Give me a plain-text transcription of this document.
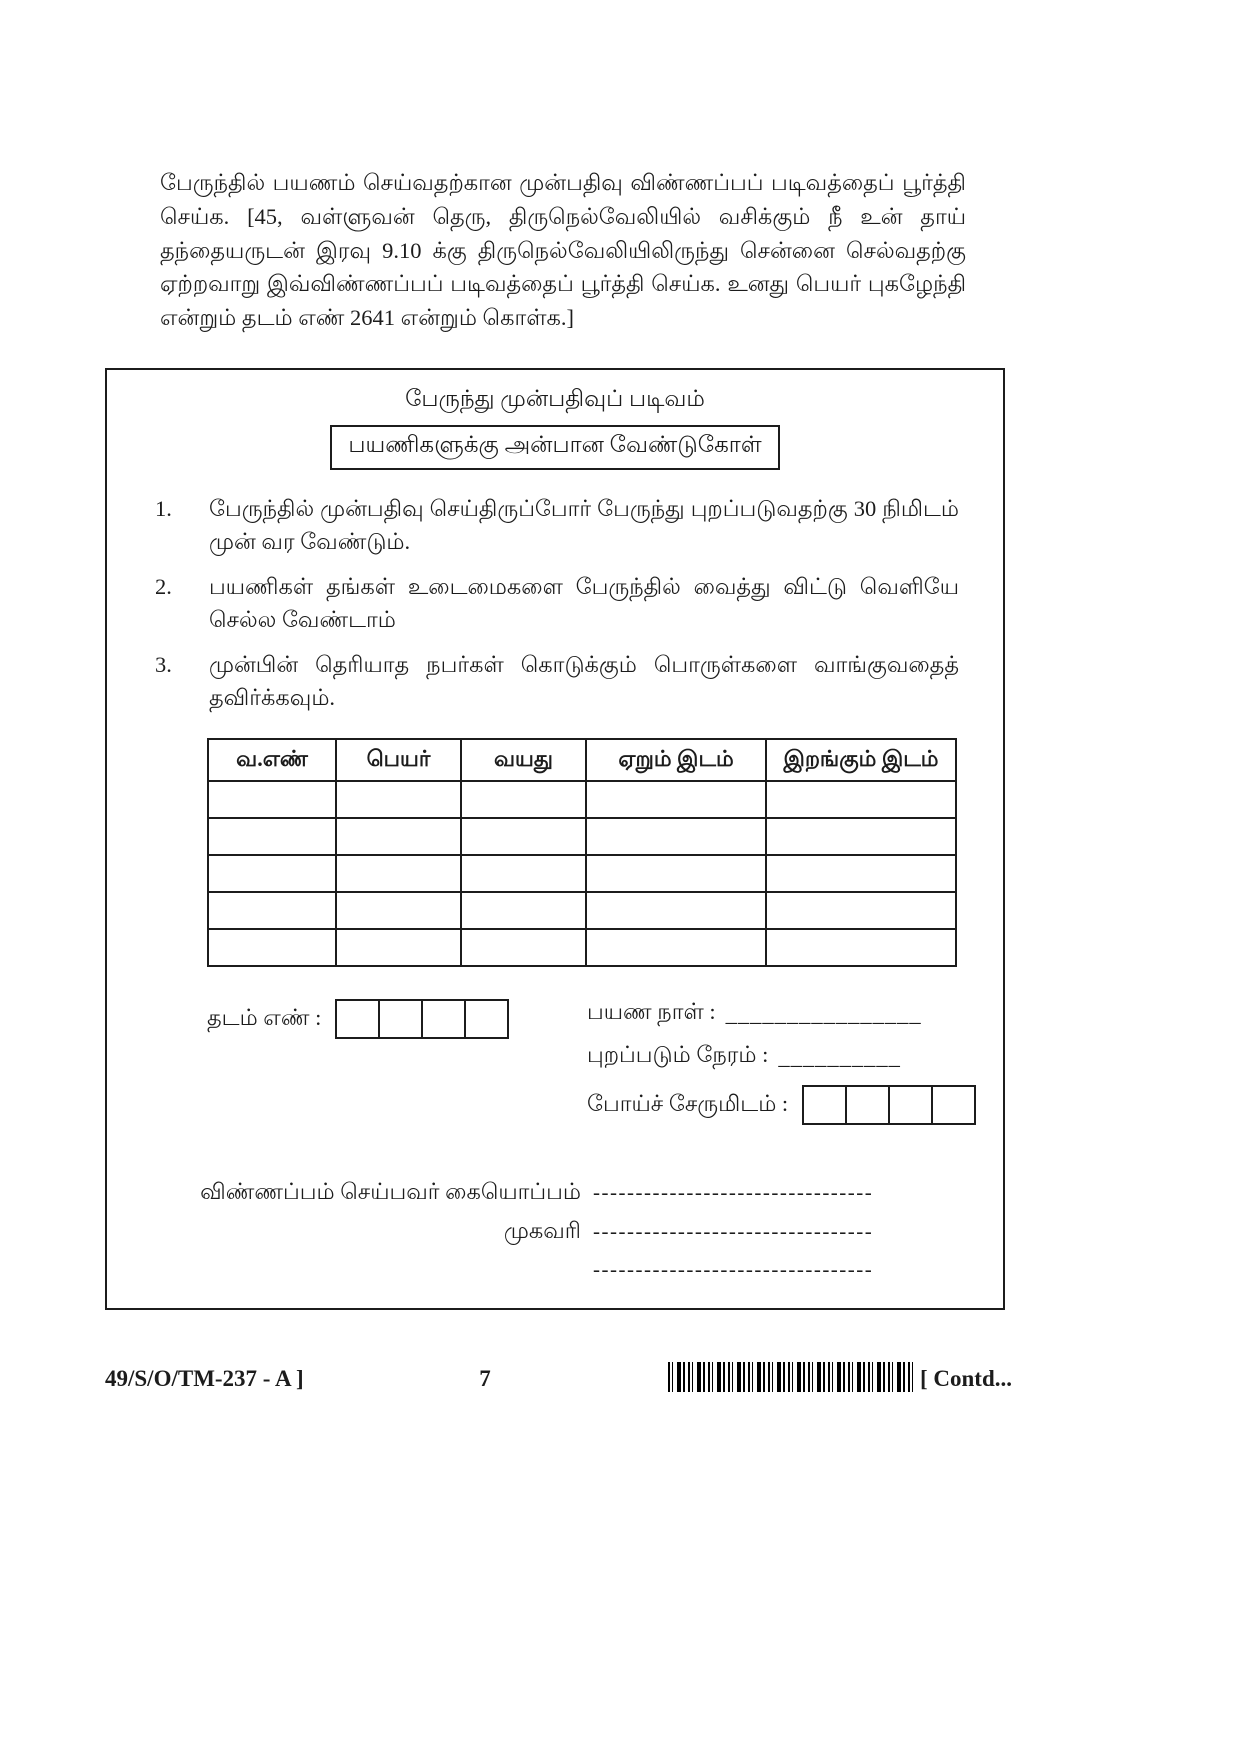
பேருந்தில் பயணம் செய்வதற்கான முன்பதிவு விண்ணப்பப் படிவத்தைப் பூர்த்தி செய்க. [45, வள்ளுவன் தெரு, திருநெல்வேலியில் வசிக்கும் நீ உன் தாய் தந்தையருடன் இரவு 9.10 க்கு திருநெல்வேலியிலிருந்து சென்னை செல்வதற்கு ஏற்றவாறு இவ்விண்ணப்பப் படிவத்தைப் பூர்த்தி செய்க. உனது பெயர் புகழேந்தி என்றும் தடம் எண் 2641 என்றும் கொள்க.]
பேருந்து முன்பதிவுப் படிவம்
பயணிகளுக்கு அன்பான வேண்டுகோள்
1.	பேருந்தில் முன்பதிவு செய்திருப்போர் பேருந்து புறப்படுவதற்கு 30 நிமிடம் முன் வர வேண்டும்.
2.	பயணிகள் தங்கள் உடைமைகளை பேருந்தில் வைத்து விட்டு வெளியே செல்ல வேண்டாம்
3.	முன்பின் தெரியாத நபர்கள் கொடுக்கும் பொருள்களை வாங்குவதைத் தவிர்க்கவும்.
வ.எண்	பெயர்	வயது	ஏறும் இடம்	இறங்கும் இடம்

தடம் எண் :	பயண நாள் : ________________
புறப்படும் நேரம் : __________
போய்ச் சேருமிடம் :
விண்ணப்பம் செய்பவர் கையொப்பம் ---------------------------------
முகவரி ---------------------------------
---------------------------------
49/S/O/TM-237 - A ]	7	[ Contd...
